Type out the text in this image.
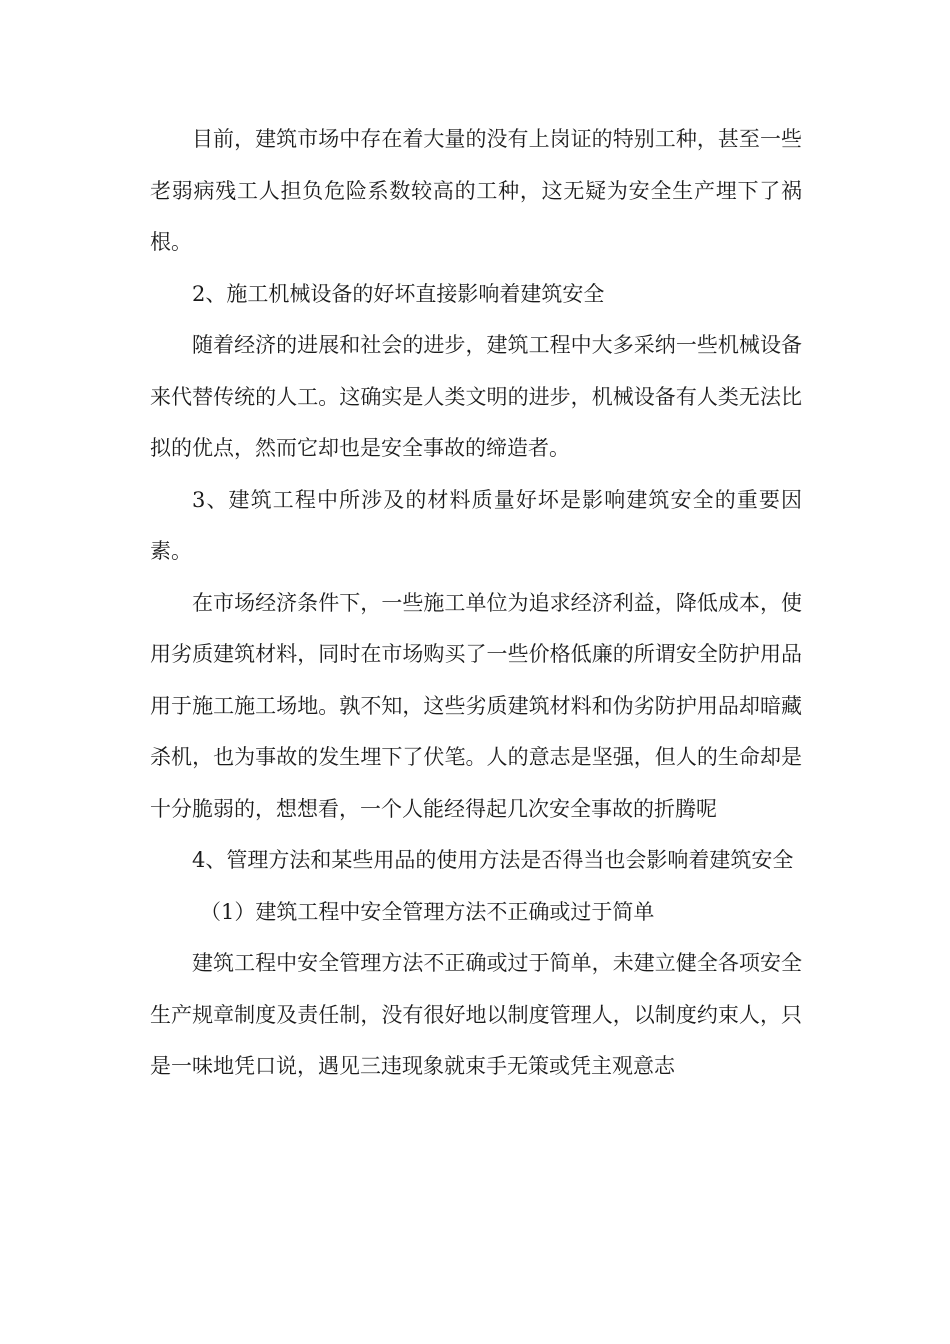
目前，建筑市场中存在着大量的没有上岗证的特别工种，甚至一些老弱病残工人担负危险系数较高的工种，这无疑为安全生产埋下了祸根。

2、施工机械设备的好坏直接影响着建筑安全

随着经济的进展和社会的进步，建筑工程中大多采纳一些机械设备来代替传统的人工。这确实是人类文明的进步，机械设备有人类无法比拟的优点，然而它却也是安全事故的缔造者。

3、建筑工程中所涉及的材料质量好坏是影响建筑安全的重要因素。

在市场经济条件下，一些施工单位为追求经济利益，降低成本，使用劣质建筑材料，同时在市场购买了一些价格低廉的所谓安全防护用品用于施工施工场地。孰不知，这些劣质建筑材料和伪劣防护用品却暗藏杀机，也为事故的发生埋下了伏笔。人的意志是坚强，但人的生命却是十分脆弱的，想想看，一个人能经得起几次安全事故的折腾呢

4、管理方法和某些用品的使用方法是否得当也会影响着建筑安全

（1）建筑工程中安全管理方法不正确或过于简单

建筑工程中安全管理方法不正确或过于简单，未建立健全各项安全生产规章制度及责任制，没有很好地以制度管理人，以制度约束人，只是一味地凭口说，遇见三违现象就束手无策或凭主观意志
